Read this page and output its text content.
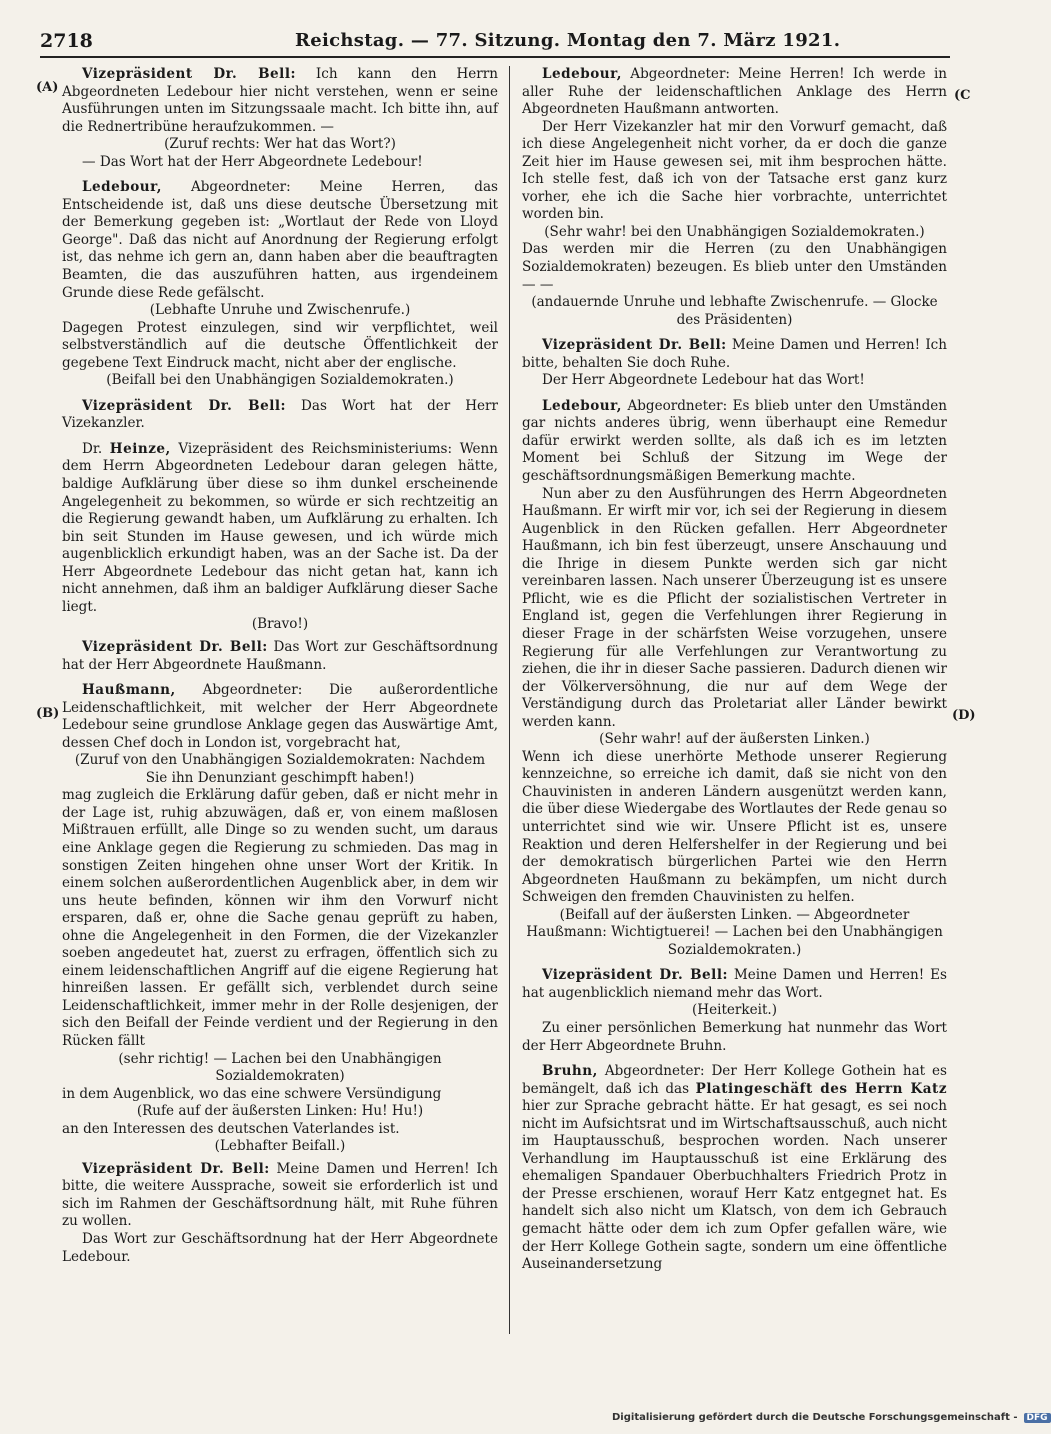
2718	Reichstag. — 77. Sitzung. Montag den 7. März 1921.
(A)
(B)
(C
(D)

Vizepräsident Dr. Bell: Ich kann den Herrn Abgeordneten Ledebour hier nicht verstehen, wenn er seine Ausführungen unten im Sitzungssaale macht. Ich bitte ihn, auf die Rednertribüne heraufzukommen. —

(Zuruf rechts: Wer hat das Wort?)

— Das Wort hat der Herr Abgeordnete Ledebour!

Ledebour, Abgeordneter: Meine Herren, das Entscheidende ist, daß uns diese deutsche Übersetzung mit der Bemerkung gegeben ist: „Wortlaut der Rede von Lloyd George". Daß das nicht auf Anordnung der Regierung erfolgt ist, das nehme ich gern an, dann haben aber die beauftragten Beamten, die das auszuführen hatten, aus irgendeinem Grunde diese Rede gefälscht.

(Lebhafte Unruhe und Zwischenrufe.)

Dagegen Protest einzulegen, sind wir verpflichtet, weil selbstverständlich auf die deutsche Öffentlichkeit der gegebene Text Eindruck macht, nicht aber der englische.

(Beifall bei den Unabhängigen Sozialdemokraten.)

Vizepräsident Dr. Bell: Das Wort hat der Herr Vizekanzler.

Dr. Heinze, Vizepräsident des Reichsministeriums: Wenn dem Herrn Abgeordneten Ledebour daran gelegen hätte, baldige Aufklärung über diese so ihm dunkel erscheinende Angelegenheit zu bekommen, so würde er sich rechtzeitig an die Regierung gewandt haben, um Aufklärung zu erhalten. Ich bin seit Stunden im Hause gewesen, und ich würde mich augenblicklich erkundigt haben, was an der Sache ist. Da der Herr Abgeordnete Ledebour das nicht getan hat, kann ich nicht annehmen, daß ihm an baldiger Aufklärung dieser Sache liegt.

(Bravo!)

Vizepräsident Dr. Bell: Das Wort zur Geschäftsordnung hat der Herr Abgeordnete Haußmann.

Haußmann, Abgeordneter: Die außerordentliche Leidenschaftlichkeit, mit welcher der Herr Abgeordnete Ledebour seine grundlose Anklage gegen das Auswärtige Amt, dessen Chef doch in London ist, vorgebracht hat,

(Zuruf von den Unabhängigen Sozialdemokraten: Nachdem Sie ihn Denunziant geschimpft haben!)

mag zugleich die Erklärung dafür geben, daß er nicht mehr in der Lage ist, ruhig abzuwägen, daß er, von einem maßlosen Mißtrauen erfüllt, alle Dinge so zu wenden sucht, um daraus eine Anklage gegen die Regierung zu schmieden. Das mag in sonstigen Zeiten hingehen ohne unser Wort der Kritik. In einem solchen außerordentlichen Augenblick aber, in dem wir uns heute befinden, können wir ihm den Vorwurf nicht ersparen, daß er, ohne die Sache genau geprüft zu haben, ohne die Angelegenheit in den Formen, die der Vizekanzler soeben angedeutet hat, zuerst zu erfragen, öffentlich sich zu einem leidenschaftlichen Angriff auf die eigene Regierung hat hinreißen lassen. Er gefällt sich, verblendet durch seine Leidenschaftlichkeit, immer mehr in der Rolle desjenigen, der sich den Beifall der Feinde verdient und der Regierung in den Rücken fällt

(sehr richtig! — Lachen bei den Unabhängigen Sozialdemokraten)

in dem Augenblick, wo das eine schwere Versündigung

(Rufe auf der äußersten Linken: Hu! Hu!)

an den Interessen des deutschen Vaterlandes ist.

(Lebhafter Beifall.)

Vizepräsident Dr. Bell: Meine Damen und Herren! Ich bitte, die weitere Aussprache, soweit sie erforderlich ist und sich im Rahmen der Geschäftsordnung hält, mit Ruhe führen zu wollen.

Das Wort zur Geschäftsordnung hat der Herr Abgeordnete Ledebour.

Ledebour, Abgeordneter: Meine Herren! Ich werde in aller Ruhe der leidenschaftlichen Anklage des Herrn Abgeordneten Haußmann antworten.

Der Herr Vizekanzler hat mir den Vorwurf gemacht, daß ich diese Angelegenheit nicht vorher, da er doch die ganze Zeit hier im Hause gewesen sei, mit ihm besprochen hätte. Ich stelle fest, daß ich von der Tatsache erst ganz kurz vorher, ehe ich die Sache hier vorbrachte, unterrichtet worden bin.

(Sehr wahr! bei den Unabhängigen Sozialdemokraten.)

Das werden mir die Herren (zu den Unabhängigen Sozialdemokraten) bezeugen. Es blieb unter den Umständen — —

(andauernde Unruhe und lebhafte Zwischenrufe. — Glocke des Präsidenten)

Vizepräsident Dr. Bell: Meine Damen und Herren! Ich bitte, behalten Sie doch Ruhe.

Der Herr Abgeordnete Ledebour hat das Wort!

Ledebour, Abgeordneter: Es blieb unter den Umständen gar nichts anderes übrig, wenn überhaupt eine Remedur dafür erwirkt werden sollte, als daß ich es im letzten Moment bei Schluß der Sitzung im Wege der geschäftsordnungsmäßigen Bemerkung machte.

Nun aber zu den Ausführungen des Herrn Abgeordneten Haußmann. Er wirft mir vor, ich sei der Regierung in diesem Augenblick in den Rücken gefallen. Herr Abgeordneter Haußmann, ich bin fest überzeugt, unsere Anschauung und die Ihrige in diesem Punkte werden sich gar nicht vereinbaren lassen. Nach unserer Überzeugung ist es unsere Pflicht, wie es die Pflicht der sozialistischen Vertreter in England ist, gegen die Verfehlungen ihrer Regierung in dieser Frage in der schärfsten Weise vorzugehen, unsere Regierung für alle Verfehlungen zur Verantwortung zu ziehen, die ihr in dieser Sache passieren. Dadurch dienen wir der Völkerversöhnung, die nur auf dem Wege der Verständigung durch das Proletariat aller Länder bewirkt werden kann.

(Sehr wahr! auf der äußersten Linken.)

Wenn ich diese unerhörte Methode unserer Regierung kennzeichne, so erreiche ich damit, daß sie nicht von den Chauvinisten in anderen Ländern ausgenützt werden kann, die über diese Wiedergabe des Wortlautes der Rede genau so unterrichtet sind wie wir. Unsere Pflicht ist es, unsere Reaktion und deren Helfershelfer in der Regierung und bei der demokratisch bürgerlichen Partei wie den Herrn Abgeordneten Haußmann zu bekämpfen, um nicht durch Schweigen den fremden Chauvinisten zu helfen.

(Beifall auf der äußersten Linken. — Abgeordneter Haußmann: Wichtigtuerei! — Lachen bei den Unabhängigen Sozialdemokraten.)

Vizepräsident Dr. Bell: Meine Damen und Herren! Es hat augenblicklich niemand mehr das Wort.

(Heiterkeit.)

Zu einer persönlichen Bemerkung hat nunmehr das Wort der Herr Abgeordnete Bruhn.

Bruhn, Abgeordneter: Der Herr Kollege Gothein hat es bemängelt, daß ich das Platingeschäft des Herrn Katz hier zur Sprache gebracht hätte. Er hat gesagt, es sei noch nicht im Aufsichtsrat und im Wirtschaftsausschuß, auch nicht im Hauptausschuß, besprochen worden. Nach unserer Verhandlung im Hauptausschuß ist eine Erklärung des ehemaligen Spandauer Oberbuchhalters Friedrich Protz in der Presse erschienen, worauf Herr Katz entgegnet hat. Es handelt sich also nicht um Klatsch, von dem ich Gebrauch gemacht hätte oder dem ich zum Opfer gefallen wäre, wie der Herr Kollege Gothein sagte, sondern um eine öffentliche Auseinandersetzung

Digitalisierung gefördert durch die Deutsche Forschungsgemeinschaft - DFG
